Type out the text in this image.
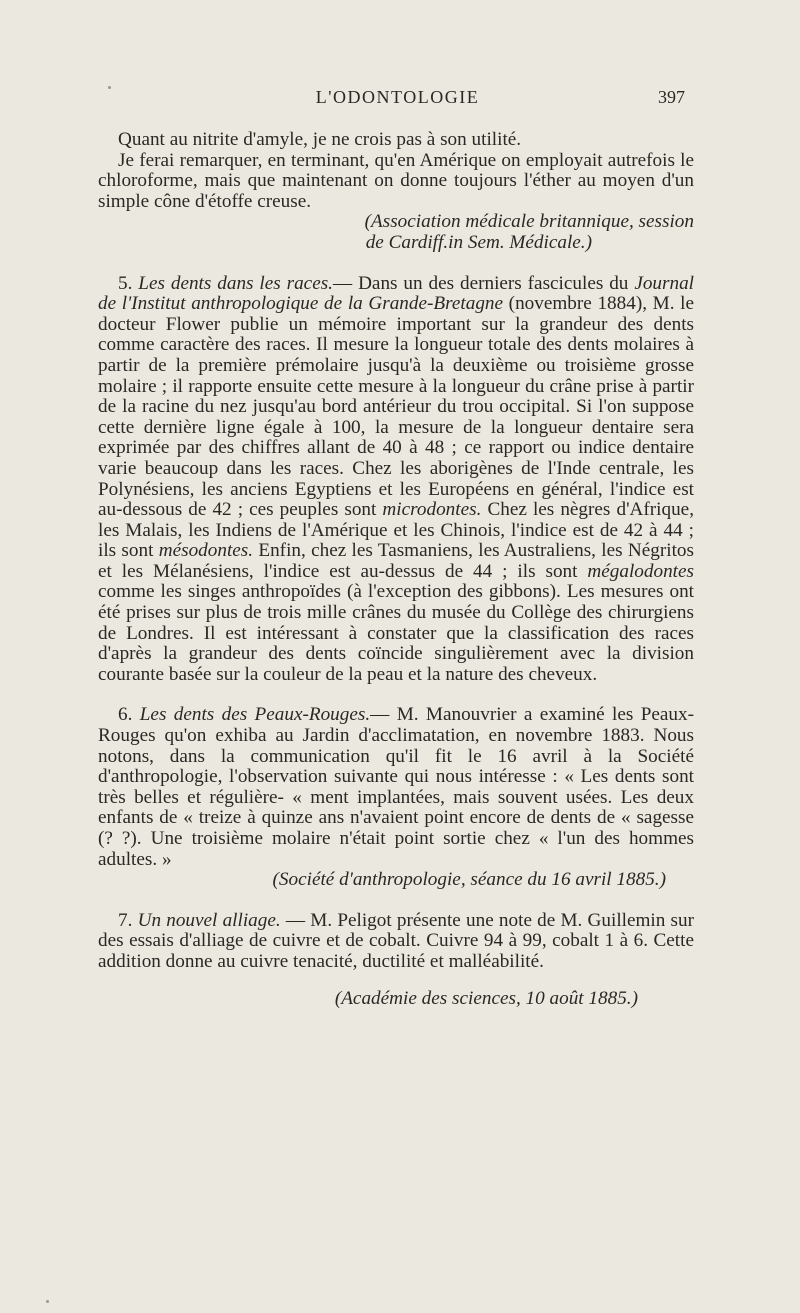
L'ODONTOLOGIE	397

Quant au nitrite d'amyle, je ne crois pas à son utilité.

Je ferai remarquer, en terminant, qu'en Amérique on employait autrefois le chloroforme, mais que maintenant on donne toujours l'éther au moyen d'un simple cône d'étoffe creuse.

(Association médicale britannique, session
de Cardiff.in Sem. Médicale.)

5. Les dents dans les races.— Dans un des derniers fascicules du Journal de l'Institut anthropologique de la Grande-Bretagne (novembre 1884), M. le docteur Flower publie un mémoire important sur la grandeur des dents comme caractère des races. Il mesure la longueur totale des dents molaires à partir de la première prémolaire jusqu'à la deuxième ou troisième grosse molaire ; il rapporte ensuite cette mesure à la longueur du crâne prise à partir de la racine du nez jusqu'au bord antérieur du trou occipital. Si l'on suppose cette dernière ligne égale à 100, la mesure de la longueur dentaire sera exprimée par des chiffres allant de 40 à 48 ; ce rapport ou indice dentaire varie beaucoup dans les races. Chez les aborigènes de l'Inde centrale, les Polynésiens, les anciens Egyptiens et les Européens en général, l'indice est au-dessous de 42 ; ces peuples sont microdontes. Chez les nègres d'Afrique, les Malais, les Indiens de l'Amérique et les Chinois, l'indice est de 42 à 44 ; ils sont mésodontes. Enfin, chez les Tasmaniens, les Australiens, les Négritos et les Mélanésiens, l'indice est au-dessus de 44 ; ils sont mégalodontes comme les singes anthropoïdes (à l'exception des gibbons). Les mesures ont été prises sur plus de trois mille crânes du musée du Collège des chirurgiens de Londres. Il est intéressant à constater que la classification des races d'après la grandeur des dents coïncide singulièrement avec la division courante basée sur la couleur de la peau et la nature des cheveux.

6. Les dents des Peaux-Rouges.— M. Manouvrier a examiné les Peaux-Rouges qu'on exhiba au Jardin d'acclimatation, en novembre 1883. Nous notons, dans la communication qu'il fit le 16 avril à la Société d'anthropologie, l'observation suivante qui nous intéresse : « Les dents sont très belles et régulière- « ment implantées, mais souvent usées. Les deux enfants de « treize à quinze ans n'avaient point encore de dents de « sagesse (? ?). Une troisième molaire n'était point sortie chez « l'un des hommes adultes. »

(Société d'anthropologie, séance du 16 avril 1885.)

7. Un nouvel alliage. — M. Peligot présente une note de M. Guillemin sur des essais d'alliage de cuivre et de cobalt. Cuivre 94 à 99, cobalt 1 à 6. Cette addition donne au cuivre tenacité, ductilité et malléabilité.

(Académie des sciences, 10 août 1885.)
